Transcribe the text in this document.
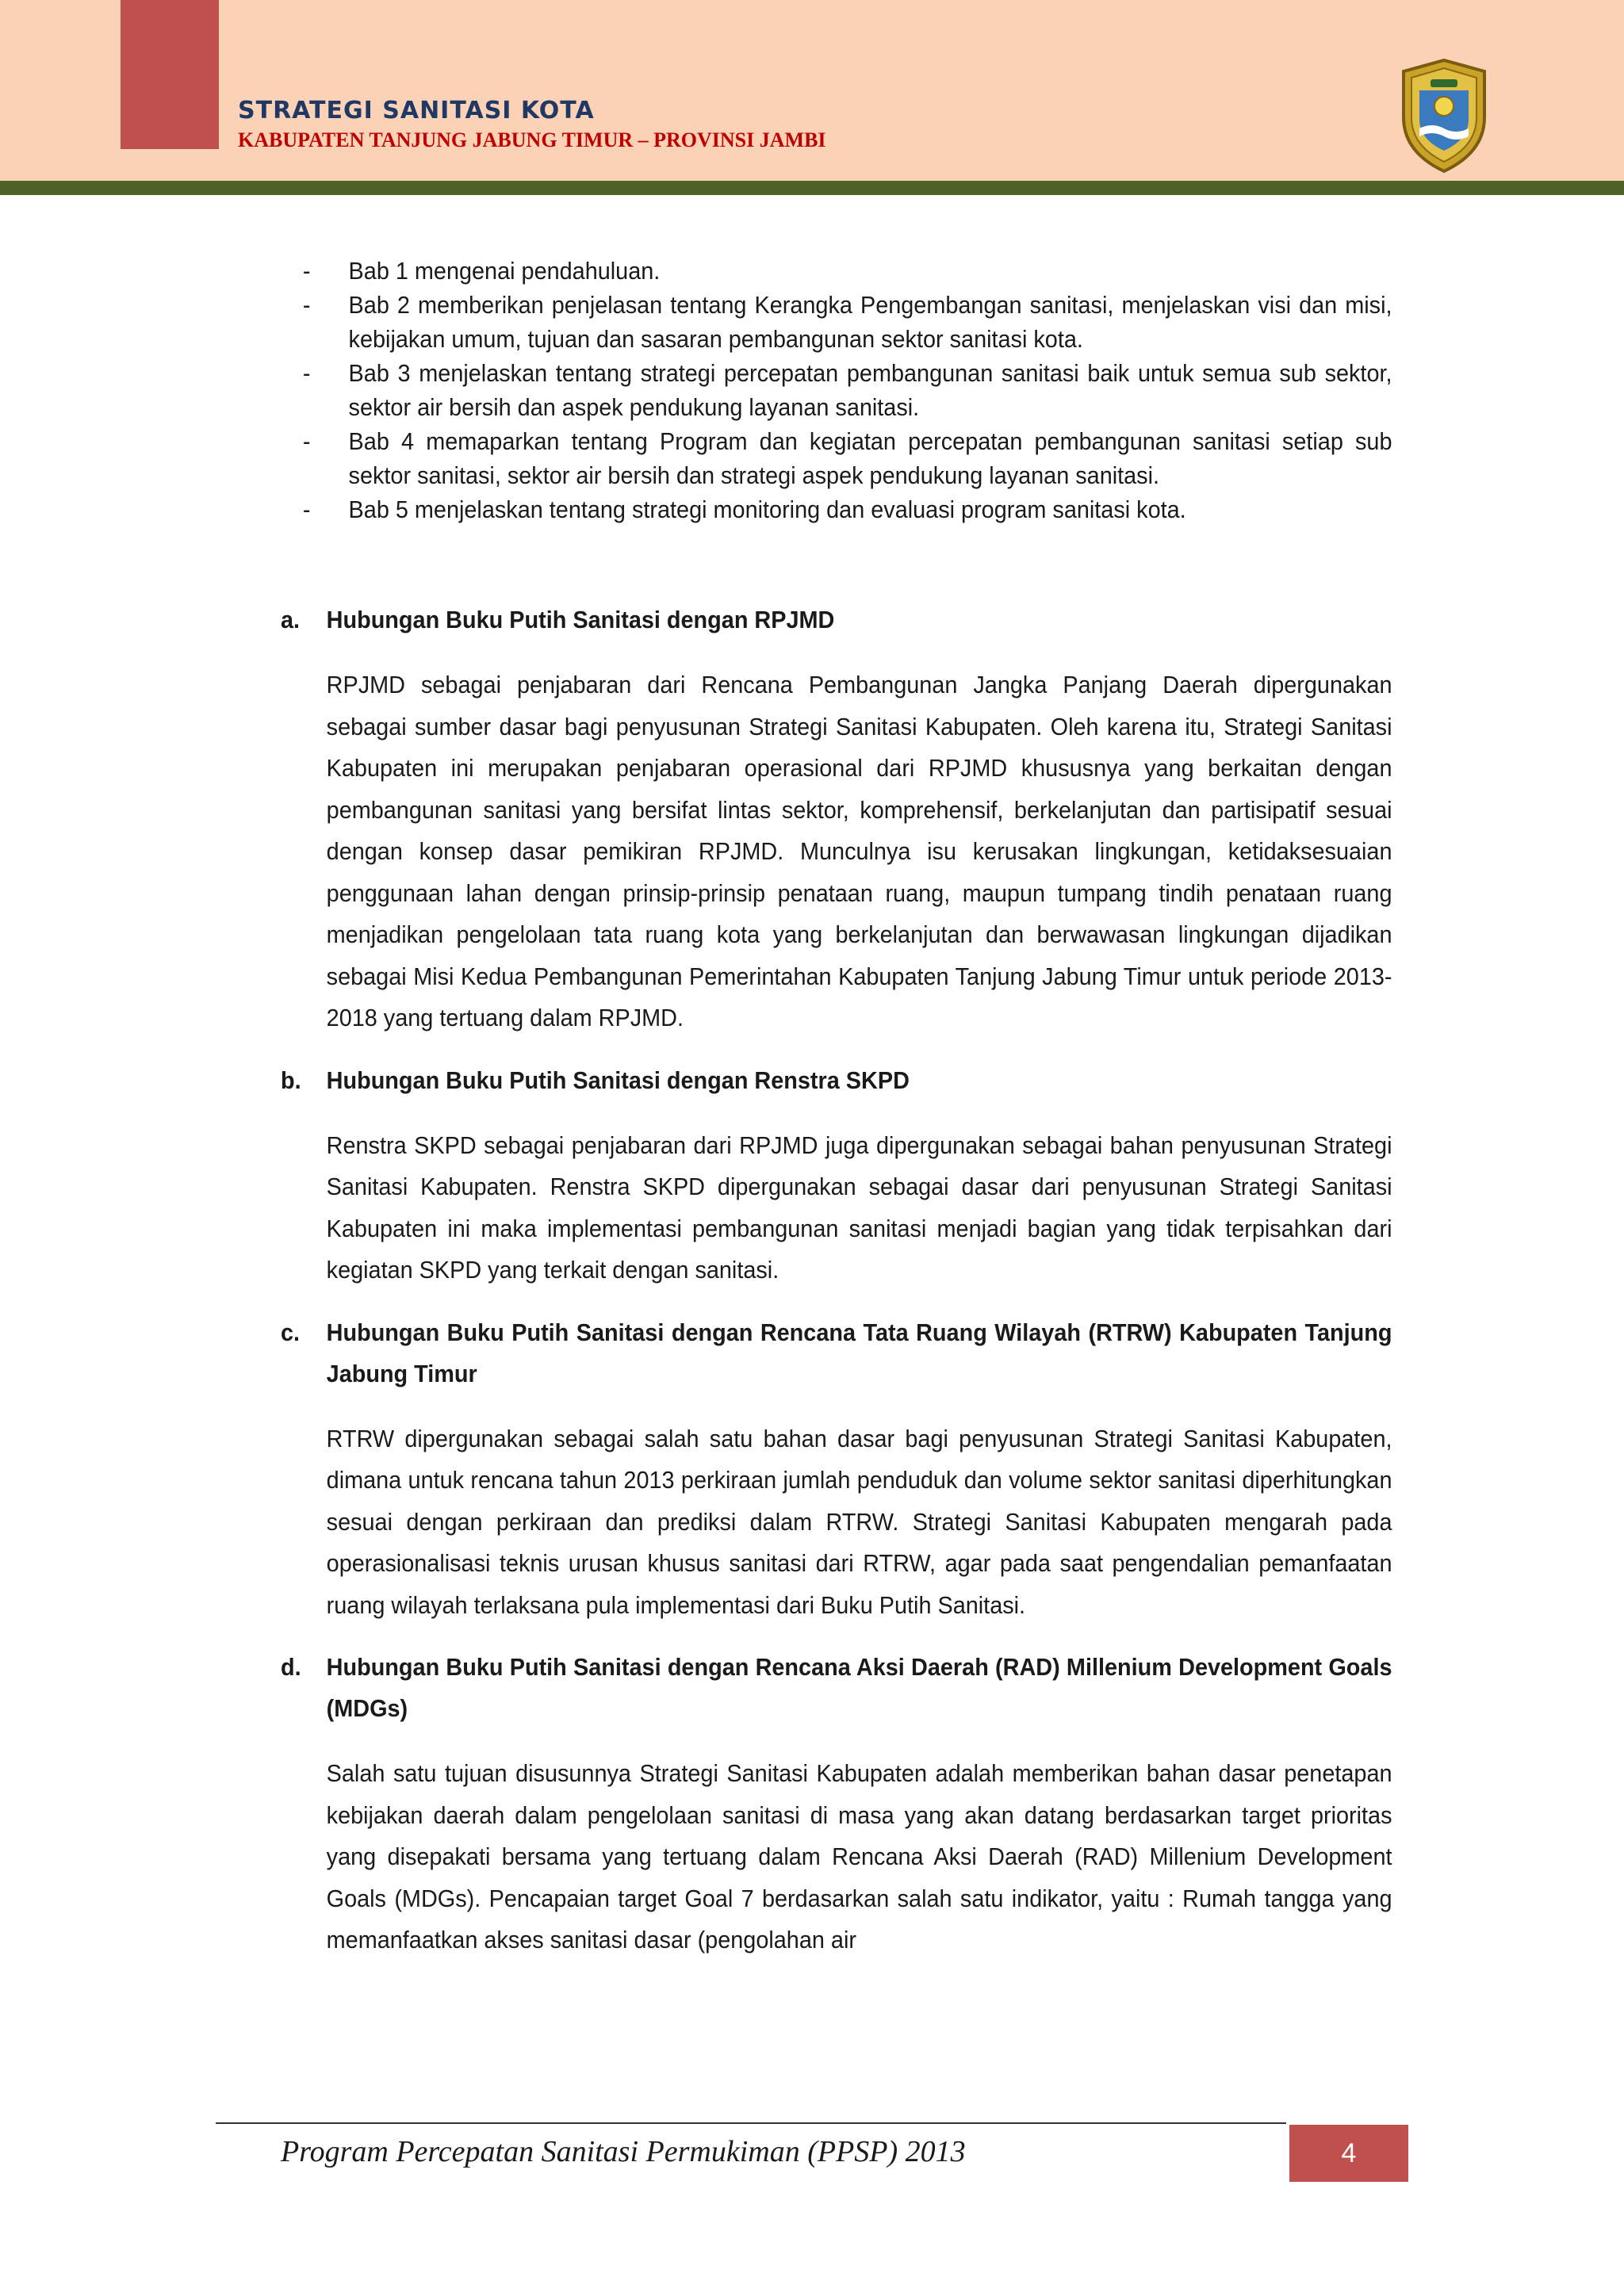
STRATEGI SANITASI KOTA
KABUPATEN TANJUNG JABUNG TIMUR – PROVINSI JAMBI
- Bab 1 mengenai pendahuluan.
- Bab 2 memberikan penjelasan tentang Kerangka Pengembangan sanitasi, menjelaskan visi dan misi, kebijakan umum, tujuan dan sasaran pembangunan sektor sanitasi kota.
- Bab 3 menjelaskan tentang strategi percepatan pembangunan sanitasi baik untuk semua sub sektor, sektor air bersih dan aspek pendukung layanan sanitasi.
- Bab 4 memaparkan tentang Program dan kegiatan percepatan pembangunan sanitasi setiap sub sektor sanitasi, sektor air bersih dan strategi aspek pendukung layanan sanitasi.
- Bab 5 menjelaskan tentang strategi monitoring dan evaluasi program sanitasi kota.
a. Hubungan Buku Putih Sanitasi dengan RPJMD

RPJMD sebagai penjabaran dari Rencana Pembangunan Jangka Panjang Daerah dipergunakan sebagai sumber dasar bagi penyusunan Strategi Sanitasi Kabupaten. Oleh karena itu, Strategi Sanitasi Kabupaten ini merupakan penjabaran operasional dari RPJMD khususnya yang berkaitan dengan pembangunan sanitasi yang bersifat lintas sektor, komprehensif, berkelanjutan dan partisipatif sesuai dengan konsep dasar pemikiran RPJMD. Munculnya isu kerusakan lingkungan, ketidaksesuaian penggunaan lahan dengan prinsip-prinsip penataan ruang, maupun tumpang tindih penataan ruang menjadikan pengelolaan tata ruang kota yang berkelanjutan dan berwawasan lingkungan dijadikan sebagai Misi Kedua Pembangunan Pemerintahan Kabupaten Tanjung Jabung Timur untuk periode 2013-2018 yang tertuang dalam RPJMD.

b. Hubungan Buku Putih Sanitasi dengan Renstra SKPD

Renstra SKPD sebagai penjabaran dari RPJMD juga dipergunakan sebagai bahan penyusunan Strategi Sanitasi Kabupaten. Renstra SKPD dipergunakan sebagai dasar dari penyusunan Strategi Sanitasi Kabupaten ini maka implementasi pembangunan sanitasi menjadi bagian yang tidak terpisahkan dari kegiatan SKPD yang terkait dengan sanitasi.

c. Hubungan Buku Putih Sanitasi dengan Rencana Tata Ruang Wilayah (RTRW) Kabupaten Tanjung Jabung Timur

RTRW dipergunakan sebagai salah satu bahan dasar bagi penyusunan Strategi Sanitasi Kabupaten, dimana untuk rencana tahun 2013 perkiraan jumlah penduduk dan volume sektor sanitasi diperhitungkan sesuai dengan perkiraan dan prediksi dalam RTRW. Strategi Sanitasi Kabupaten mengarah pada operasionalisasi teknis urusan khusus sanitasi dari RTRW, agar pada saat pengendalian pemanfaatan ruang wilayah terlaksana pula implementasi dari Buku Putih Sanitasi.

d. Hubungan Buku Putih Sanitasi dengan Rencana Aksi Daerah (RAD) Millenium Development Goals (MDGs)

Salah satu tujuan disusunnya Strategi Sanitasi Kabupaten adalah memberikan bahan dasar penetapan kebijakan daerah dalam pengelolaan sanitasi di masa yang akan datang berdasarkan target prioritas yang disepakati bersama yang tertuang dalam Rencana Aksi Daerah (RAD) Millenium Development Goals (MDGs). Pencapaian target Goal 7 berdasarkan salah satu indikator, yaitu : Rumah tangga yang memanfaatkan akses sanitasi dasar (pengolahan air

Program Percepatan Sanitasi Permukiman (PPSP) 2013	4
